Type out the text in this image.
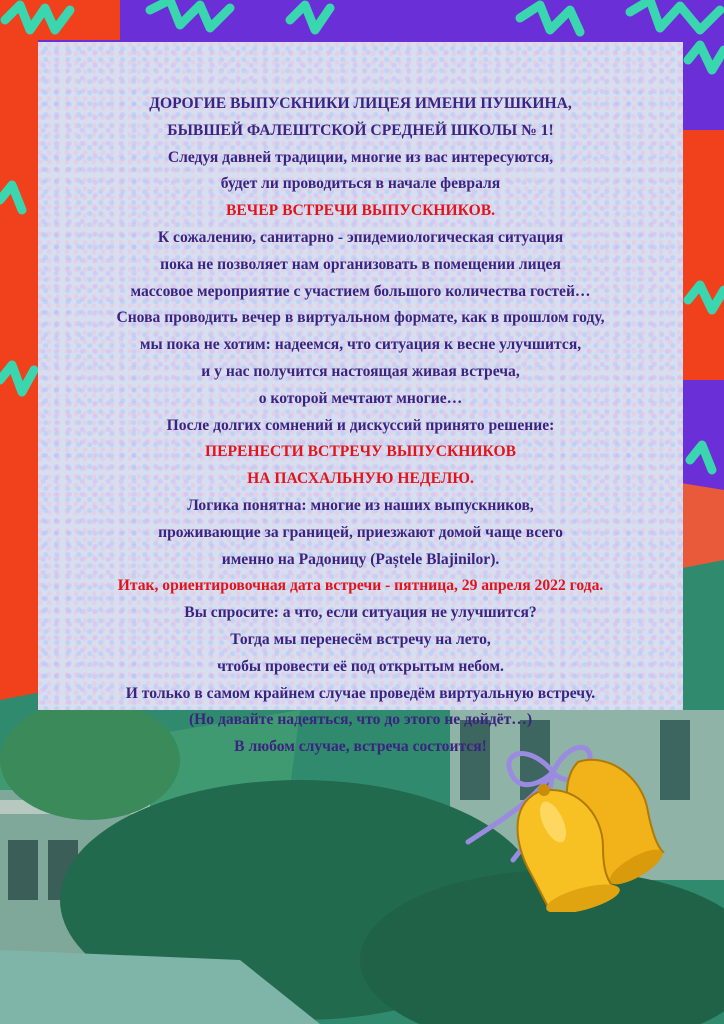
ДОРОГИЕ ВЫПУСКНИКИ ЛИЦЕЯ ИМЕНИ ПУШКИНА,
БЫВШЕЙ ФАЛЕШТСКОЙ СРЕДНЕЙ ШКОЛЫ № 1!
Следуя давней традиции, многие из вас интересуются,
будет ли проводиться в начале февраля
ВЕЧЕР ВСТРЕЧИ ВЫПУСКНИКОВ.
К сожалению, санитарно - эпидемиологическая ситуация
пока не позволяет нам организовать в помещении лицея
массовое мероприятие с участием большого количества гостей…
Снова проводить вечер в виртуальном формате, как в прошлом году,
мы пока не хотим: надеемся, что ситуация к весне улучшится,
и у нас получится настоящая живая встреча,
о которой мечтают многие…
После долгих сомнений и дискуссий принято решение:
ПЕРЕНЕСТИ ВСТРЕЧУ ВЫПУСКНИКОВ
НА ПАСХАЛЬНУЮ НЕДЕЛЮ.
Логика понятна: многие из наших выпускников,
проживающие за границей, приезжают домой чаще всего
именно на Радоницу (Paștele Blajinilor).
Итак, ориентировочная дата встречи - пятница, 29 апреля 2022 года.
Вы спросите: а что, если ситуация не улучшится?
Тогда мы перенесём встречу на лето,
чтобы провести её под открытым небом.
И только в самом крайнем случае проведём виртуальную встречу.
(Но давайте надеяться, что до этого не дойдёт…)
В любом случае, встреча состоится!
